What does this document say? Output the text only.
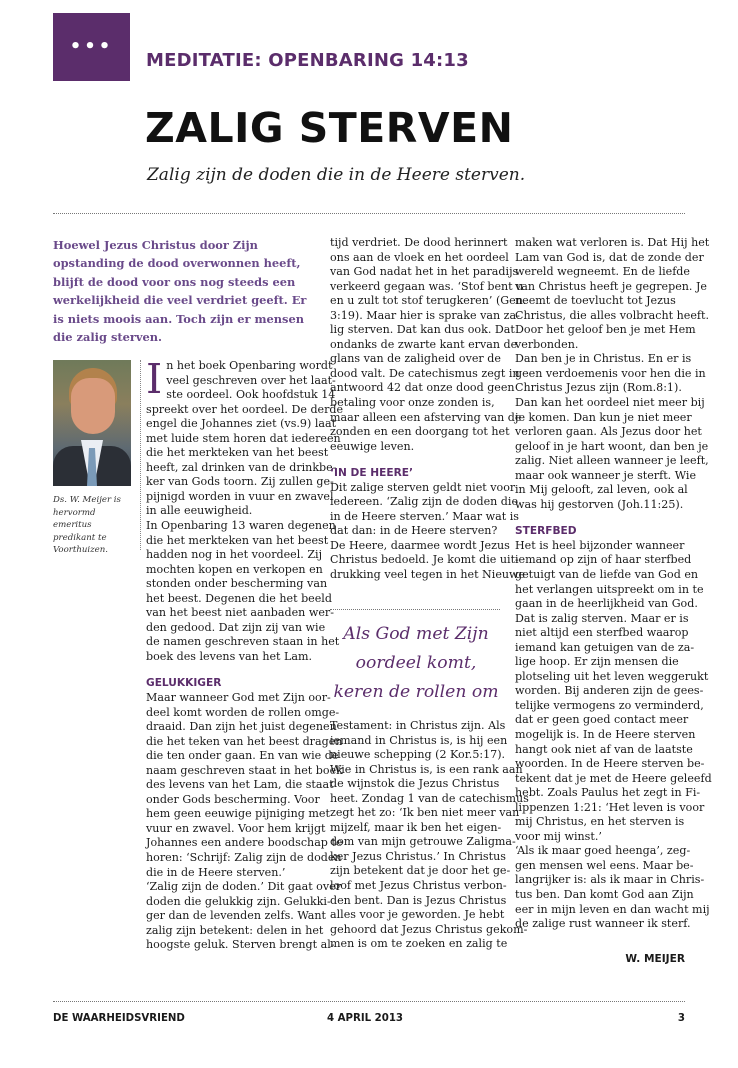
•••
MEDITATIE: OPENBARING 14:13
ZALIG STERVEN
Zalig zijn de doden die in de Heere sterven.
Hoewel Jezus Christus door Zijn opstanding de dood overwonnen heeft, blijft de dood voor ons nog steeds een werkelijkheid die veel verdriet geeft. Er is niets moois aan. Toch zijn er mensen die zalig sterven.
Ds. W. Meijer is hervormd emeritus predikant te Voorthuizen.
I n het boek Openbaring wordt
veel geschreven over het laat-
ste oordeel. Ook hoofdstuk 14
spreekt over het oordeel. De derde
engel die Johannes ziet (vs.9) laat
met luide stem horen dat iedereen
die het merkteken van het beest
heeft, zal drinken van de drinkbe-
ker van Gods toorn. Zij zullen ge-
pijnigd worden in vuur en zwavel
in alle eeuwigheid.
In Openbaring 13 waren degenen
die het merkteken van het beest
hadden nog in het voordeel. Zij
mochten kopen en verkopen en
stonden onder bescherming van
het beest. Degenen die het beeld
van het beest niet aanbaden wer-
den gedood. Dat zijn zij van wie
de namen geschreven staan in het
boek des levens van het Lam.
GELUKKIGER
Maar wanneer God met Zijn oor-
deel komt worden de rollen omge-
draaid. Dan zijn het juist degenen
die het teken van het beest dragen
die ten onder gaan. En van wie de
naam geschreven staat in het boek
des levens van het Lam, die staat
onder Gods bescherming. Voor
hem geen eeuwige pijniging met
vuur en zwavel. Voor hem krijgt
Johannes een andere boodschap te
horen: ‘Schrijf: Zalig zijn de doden
die in de Heere sterven.’
‘Zalig zijn de doden.’ Dit gaat over
doden die gelukkig zijn. Gelukki-
ger dan de levenden zelfs. Want
zalig zijn betekent: delen in het
hoogste geluk. Sterven brengt al-
tijd verdriet. De dood herinnert
ons aan de vloek en het oordeel
van God nadat het in het paradijs
verkeerd gegaan was. ‘Stof bent u
en u zult tot stof terugkeren’ (Gen.
3:19). Maar hier is sprake van za-
lig sterven. Dat kan dus ook. Dat
ondanks de zwarte kant ervan de
glans van de zaligheid over de
dood valt. De catechismus zegt in
antwoord 42 dat onze dood geen
betaling voor onze zonden is,
maar alleen een afsterving van de
zonden en een doorgang tot het
eeuwige leven.
‘IN DE HEERE’
Dit zalige sterven geldt niet voor
iedereen. ‘Zalig zijn de doden die
in de Heere sterven.’ Maar wat is
dat dan: in de Heere sterven?
De Heere, daarmee wordt Jezus
Christus bedoeld. Je komt die uit-
drukking veel tegen in het Nieuwe
Als God met Zijn
oordeel komt,
keren de rollen om
Testament: in Christus zijn. Als
iemand in Christus is, is hij een
nieuwe schepping (2 Kor.5:17).
Wie in Christus is, is een rank aan
de wijnstok die Jezus Christus
heet. Zondag 1 van de catechismus
zegt het zo: ‘Ik ben niet meer van
mijzelf, maar ik ben het eigen-
dom van mijn getrouwe Zaligma-
ker Jezus Christus.’ In Christus
zijn betekent dat je door het ge-
loof met Jezus Christus verbon-
den bent. Dan is Jezus Christus
alles voor je geworden. Je hebt
gehoord dat Jezus Christus gekom-
men is om te zoeken en zalig te
maken wat verloren is. Dat Hij het
Lam van God is, dat de zonde der
wereld wegneemt. En de liefde
van Christus heeft je gegrepen. Je
neemt de toevlucht tot Jezus
Christus, die alles volbracht heeft.
Door het geloof ben je met Hem
verbonden.
Dan ben je in Christus. En er is
geen verdoemenis voor hen die in
Christus Jezus zijn (Rom.8:1).
Dan kan het oordeel niet meer bij
je komen. Dan kun je niet meer
verloren gaan. Als Jezus door het
geloof in je hart woont, dan ben je
zalig. Niet alleen wanneer je leeft,
maar ook wanneer je sterft. Wie
in Mij gelooft, zal leven, ook al
was hij gestorven (Joh.11:25).
STERFBED
Het is heel bijzonder wanneer
iemand op zijn of haar sterfbed
getuigt van de liefde van God en
het verlangen uitspreekt om in te
gaan in de heerlijkheid van God.
Dat is zalig sterven. Maar er is
niet altijd een sterfbed waarop
iemand kan getuigen van de za-
lige hoop. Er zijn mensen die
plotseling uit het leven weggerukt
worden. Bij anderen zijn de gees-
telijke vermogens zo verminderd,
dat er geen goed contact meer
mogelijk is. In de Heere sterven
hangt ook niet af van de laatste
woorden. In de Heere sterven be-
tekent dat je met de Heere geleefd
hebt. Zoals Paulus het zegt in Fi-
lippenzen 1:21: ‘Het leven is voor
mij Christus, en het sterven is
voor mij winst.’
‘Als ik maar goed heenga’, zeg-
gen mensen wel eens. Maar be-
langrijker is: als ik maar in Chris-
tus ben. Dan komt God aan Zijn
eer in mijn leven en dan wacht mij
de zalige rust wanneer ik sterf.
W. MEIJER
DE WAARHEIDSVRIEND	4 APRIL 2013	3
